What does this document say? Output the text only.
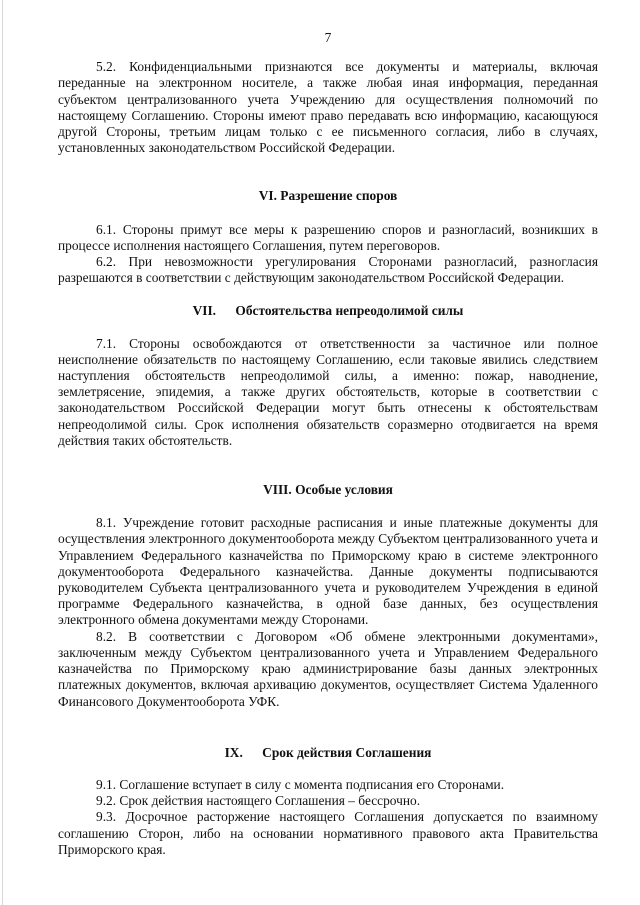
7

5.2. Конфиденциальными признаются все документы и материалы, включая переданные на электронном носителе, а также любая иная информация, переданная субъектом централизованного учета Учреждению для осуществления полномочий по настоящему Соглашению. Стороны имеют право передавать всю информацию, касающуюся другой Стороны, третьим лицам только с ее письменного согласия, либо в случаях, установленных законодательством Российской Федерации.

VI. Разрешение споров

6.1. Стороны примут все меры к разрешению споров и разногласий, возникших в процессе исполнения настоящего Соглашения, путем переговоров.

6.2. При невозможности урегулирования Сторонами разногласий, разногласия разрешаются в соответствии с действующим законодательством Российской Федерации.

VII. Обстоятельства непреодолимой силы

7.1. Стороны освобождаются от ответственности за частичное или полное неисполнение обязательств по настоящему Соглашению, если таковые явились следствием наступления обстоятельств непреодолимой силы, а именно: пожар, наводнение, землетрясение, эпидемия, а также других обстоятельств, которые в соответствии с законодательством Российской Федерации могут быть отнесены к обстоятельствам непреодолимой силы. Срок исполнения обязательств соразмерно отодвигается на время действия таких обстоятельств.

VIII. Особые условия

8.1. Учреждение готовит расходные расписания и иные платежные документы для осуществления электронного документооборота между Субъектом централизованного учета и Управлением Федерального казначейства по Приморскому краю в системе электронного документооборота Федерального казначейства. Данные документы подписываются руководителем Субъекта централизованного учета и руководителем Учреждения в единой программе Федерального казначейства, в одной базе данных, без осуществления электронного обмена документами между Сторонами.

8.2. В соответствии с Договором «Об обмене электронными документами», заключенным между Субъектом централизованного учета и Управлением Федерального казначейства по Приморскому краю администрирование базы данных электронных платежных документов, включая архивацию документов, осуществляет Система Удаленного Финансового Документооборота УФК.

IX. Срок действия Соглашения

9.1. Соглашение вступает в силу с момента подписания его Сторонами.

9.2. Срок действия настоящего Соглашения – бессрочно.

9.3. Досрочное расторжение настоящего Соглашения допускается по взаимному соглашению Сторон, либо на основании нормативного правового акта Правительства Приморского края.
